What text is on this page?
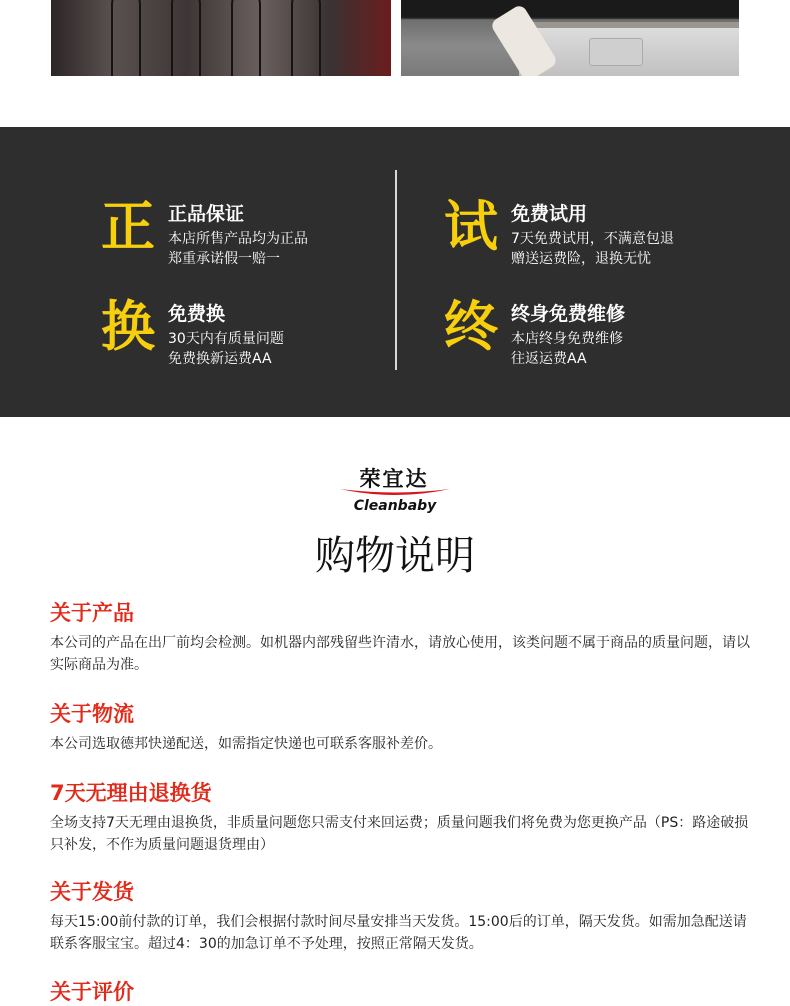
正 正品保证
本店所售产品均为正品
郑重承诺假一赔一
试 免费试用
7天免费试用，不满意包退
赠送运费险，退换无忧
换 免费换
30天内有质量问题
免费换新运费AA
终 终身免费维修
本店终身免费维修
往返运费AA
荣宜达
Cleanbaby
购物说明
关于产品
本公司的产品在出厂前均会检测。如机器内部残留些许清水，请放心使用，该类问题不属于商品的质量问题，请以实际商品为准。
关于物流
本公司选取德邦快递配送，如需指定快递也可联系客服补差价。
7天无理由退换货
全场支持7天无理由退换货，非质量问题您只需支付来回运费；质量问题我们将免费为您更换产品（PS：路途破损只补发，不作为质量问题退货理由）
关于发货
每天15:00前付款的订单，我们会根据付款时间尽量安排当天发货。15:00后的订单，隔天发货。如需加急配送请联系客服宝宝。超过4：30的加急订单不予处理，按照正常隔天发货。
关于评价
